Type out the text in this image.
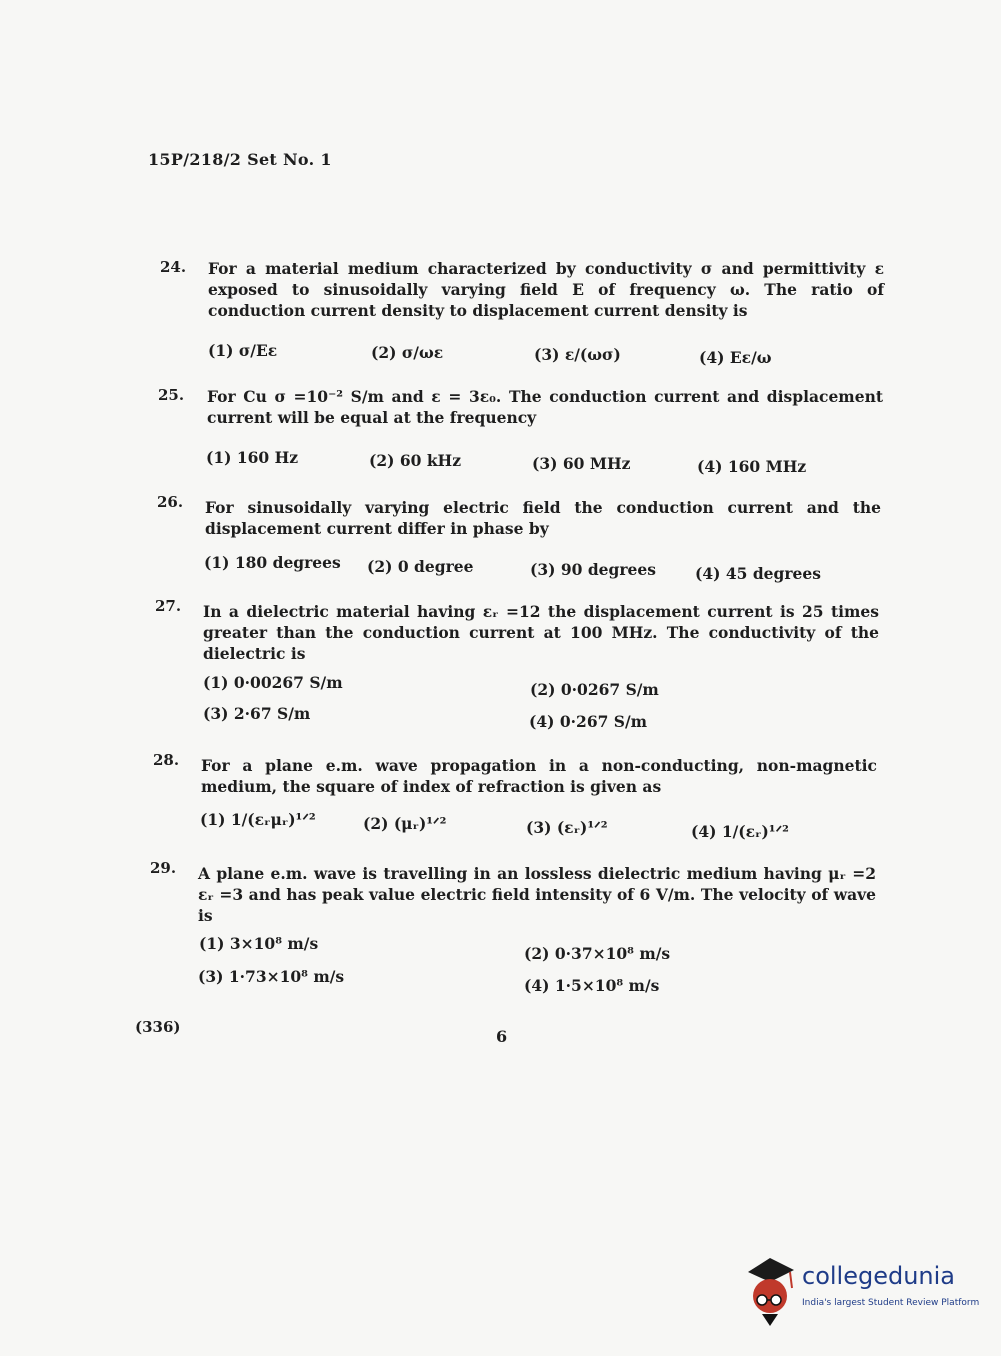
15P/218/2 Set No. 1
24. For a material medium characterized by conductivity σ and permittivity ε exposed to sinusoidally varying field E of frequency ω. The ratio of conduction current density to displacement current density is
(1) σ/Eε	(2) σ/ωε	(3) ε/(ωσ)	(4) Eε/ω
25. For Cu σ =10⁻² S/m and ε = 3ε₀. The conduction current and displacement current will be equal at the frequency
(1) 160 Hz	(2) 60 kHz	(3) 60 MHz	(4) 160 MHz
26. For sinusoidally varying electric field the conduction current and the displacement current differ in phase by
(1) 180 degrees (2) 0 degree	(3) 90 degrees	(4) 45 degrees
27. In a dielectric material having εᵣ =12 the displacement current is 25 times greater than the conduction current at 100 MHz. The conductivity of the dielectric is
(1) 0·00267 S/m	(2) 0·0267 S/m
(3) 2·67 S/m	(4) 0·267 S/m
28. For a plane e.m. wave propagation in a non-conducting, non-magnetic medium, the square of index of refraction is given as
(1) 1/(εᵣμᵣ)¹ᐟ²	(2) (μᵣ)¹ᐟ²	(3) (εᵣ)¹ᐟ²	(4) 1/(εᵣ)¹ᐟ²
29. A plane e.m. wave is travelling in an lossless dielectric medium having μᵣ =2 εᵣ =3 and has peak value electric field intensity of 6 V/m. The velocity of wave is
(1) 3×10⁸ m/s
(2) 0·37×10⁸ m/s
(3) 1·73×10⁸ m/s	(4) 1·5×10⁸ m/s
(336)	6
collegedunia
India's largest Student Review Platform
